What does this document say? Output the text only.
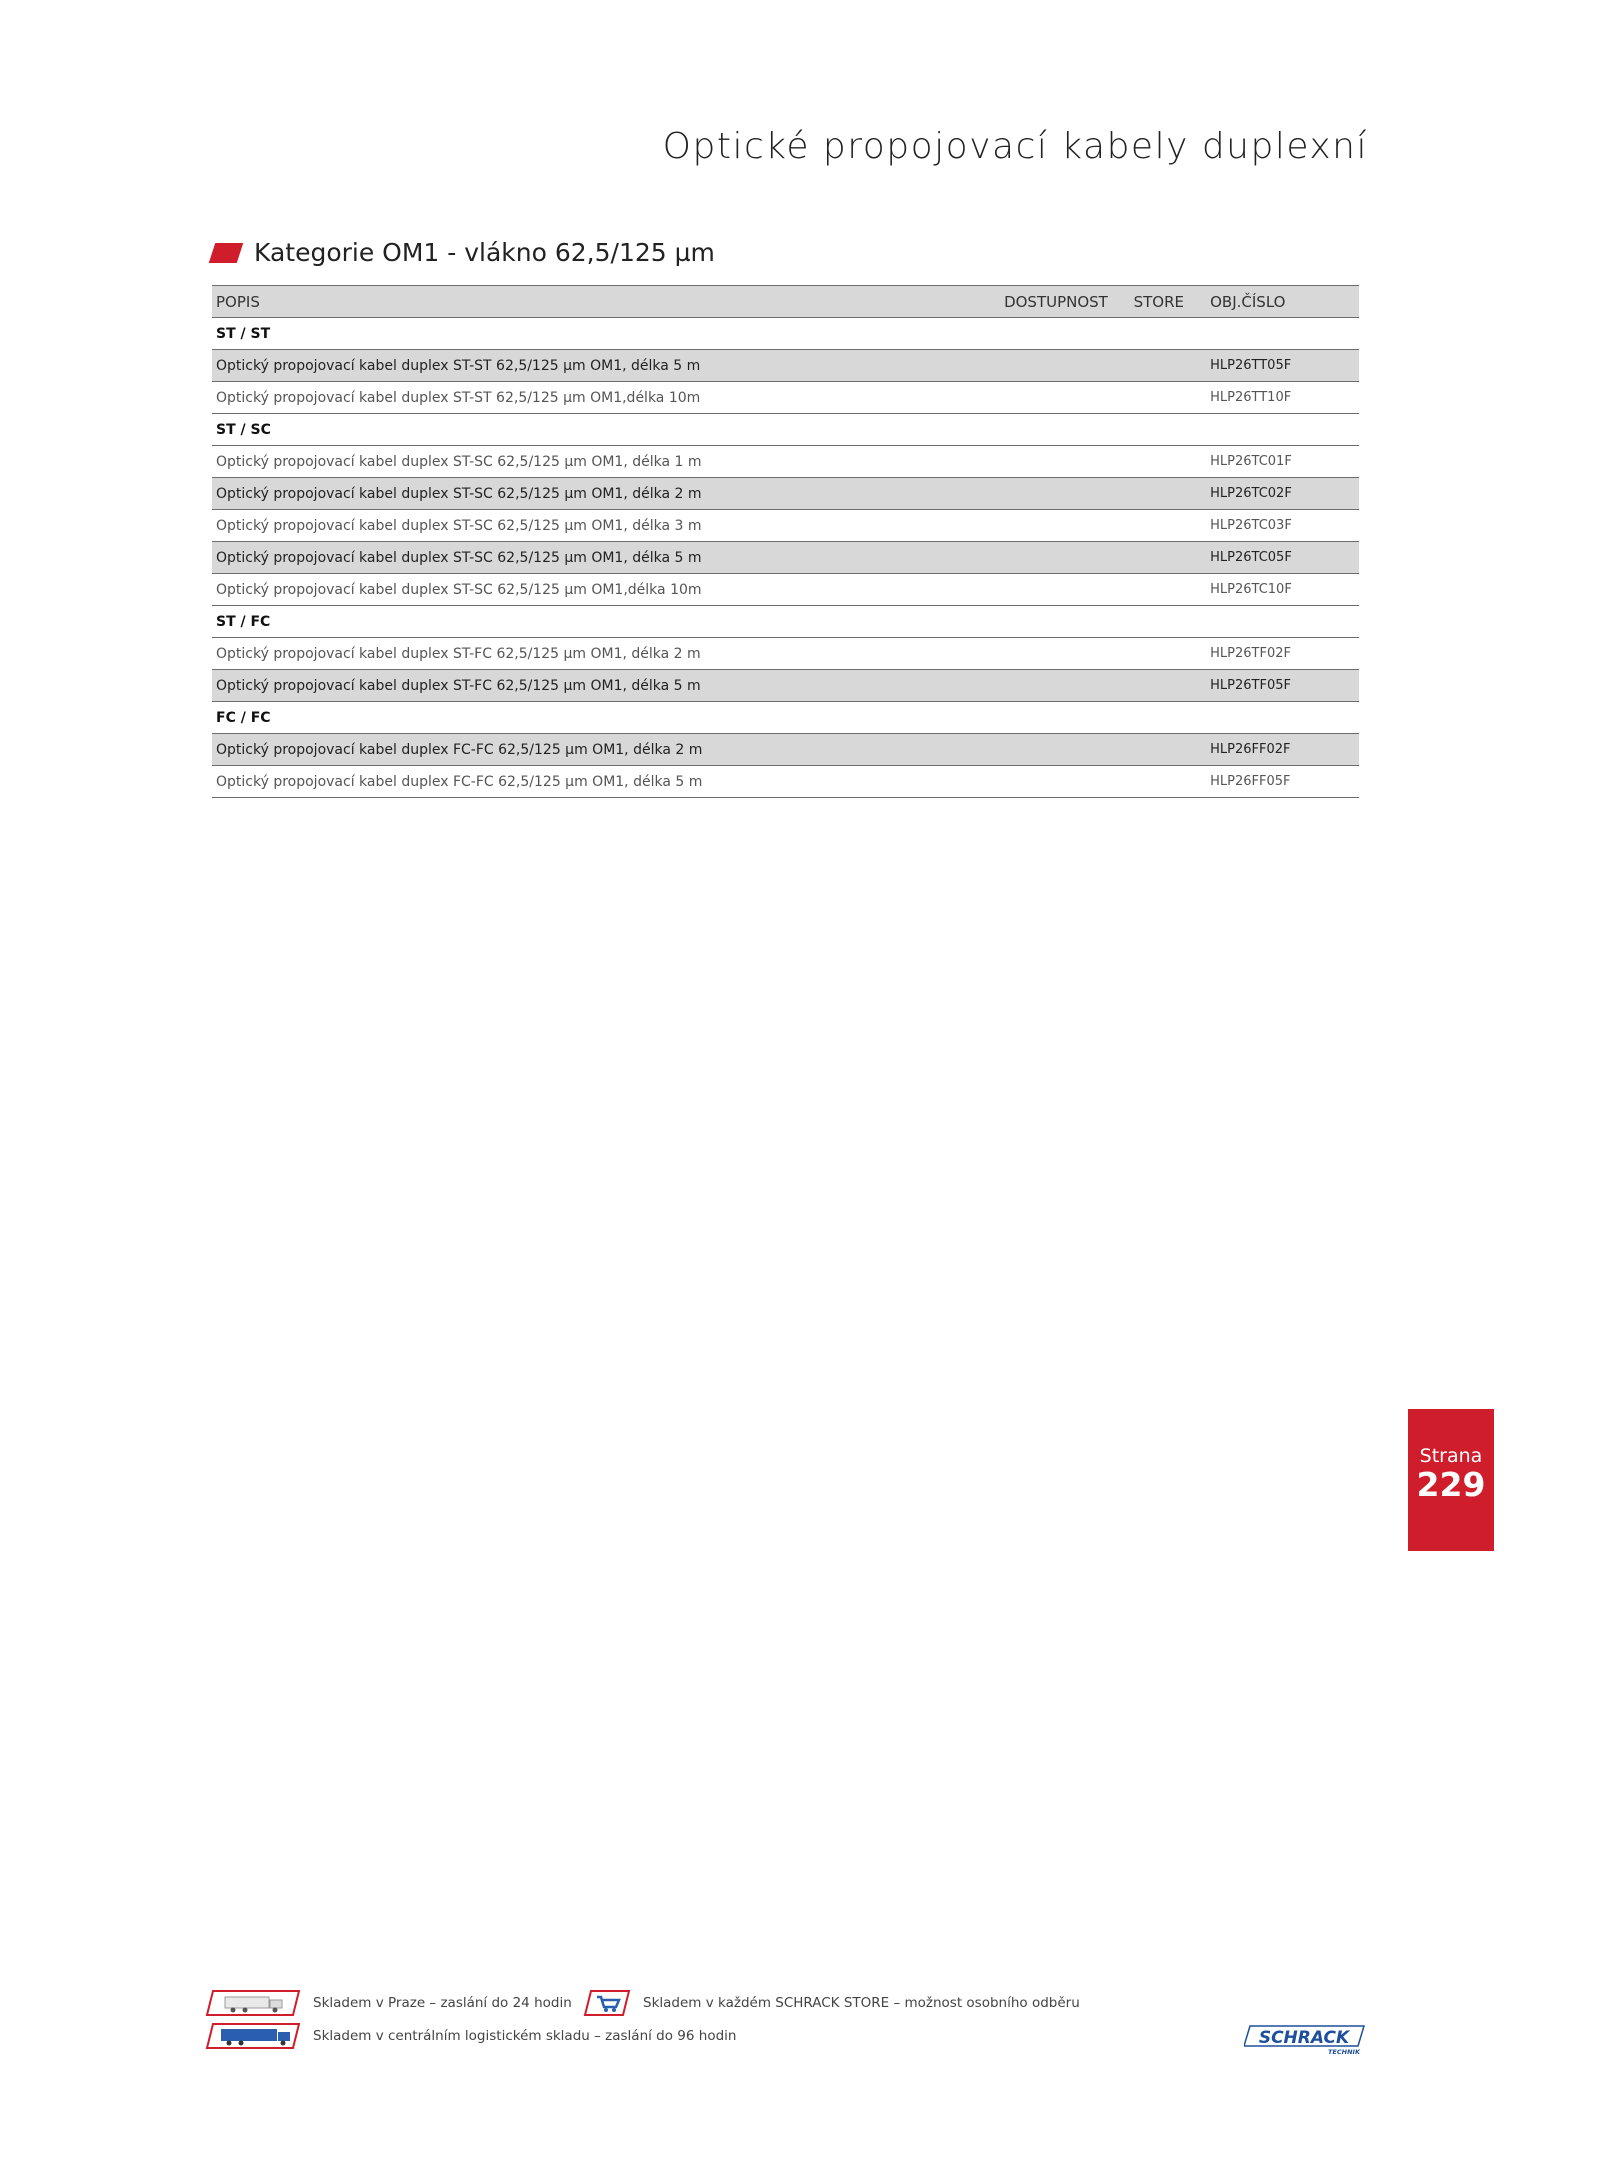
Optické propojovací kabely duplexní
Kategorie OM1 - vlákno 62,5/125 µm
POPIS	DOSTUPNOST	STORE	OBJ.ČÍSLO
ST / ST			
Optický propojovací kabel duplex ST-ST 62,5/125 µm OM1, délka 5 m			HLP26TT05F
Optický propojovací kabel duplex ST-ST 62,5/125 µm OM1,délka 10m			HLP26TT10F
ST / SC			
Optický propojovací kabel duplex ST-SC 62,5/125 µm OM1, délka 1 m			HLP26TC01F
Optický propojovací kabel duplex ST-SC 62,5/125 µm OM1, délka 2 m			HLP26TC02F
Optický propojovací kabel duplex ST-SC 62,5/125 µm OM1, délka 3 m			HLP26TC03F
Optický propojovací kabel duplex ST-SC 62,5/125 µm OM1, délka 5 m			HLP26TC05F
Optický propojovací kabel duplex ST-SC 62,5/125 µm OM1,délka 10m			HLP26TC10F
ST / FC			
Optický propojovací kabel duplex ST-FC 62,5/125 µm OM1, délka 2 m			HLP26TF02F
Optický propojovací kabel duplex ST-FC 62,5/125 µm OM1, délka 5 m			HLP26TF05F
FC / FC			
Optický propojovací kabel duplex FC-FC 62,5/125 µm OM1, délka 2 m			HLP26FF02F
Optický propojovací kabel duplex FC-FC 62,5/125 µm OM1, délka 5 m			HLP26FF05F
Strana
229
Skladem v Praze – zaslání do 24 hodin	Skladem v každém SCHRACK STORE – možnost osobního odběru
Skladem v centrálním logistickém skladu – zaslání do 96 hodin	SCHRACK
TECHNIK
